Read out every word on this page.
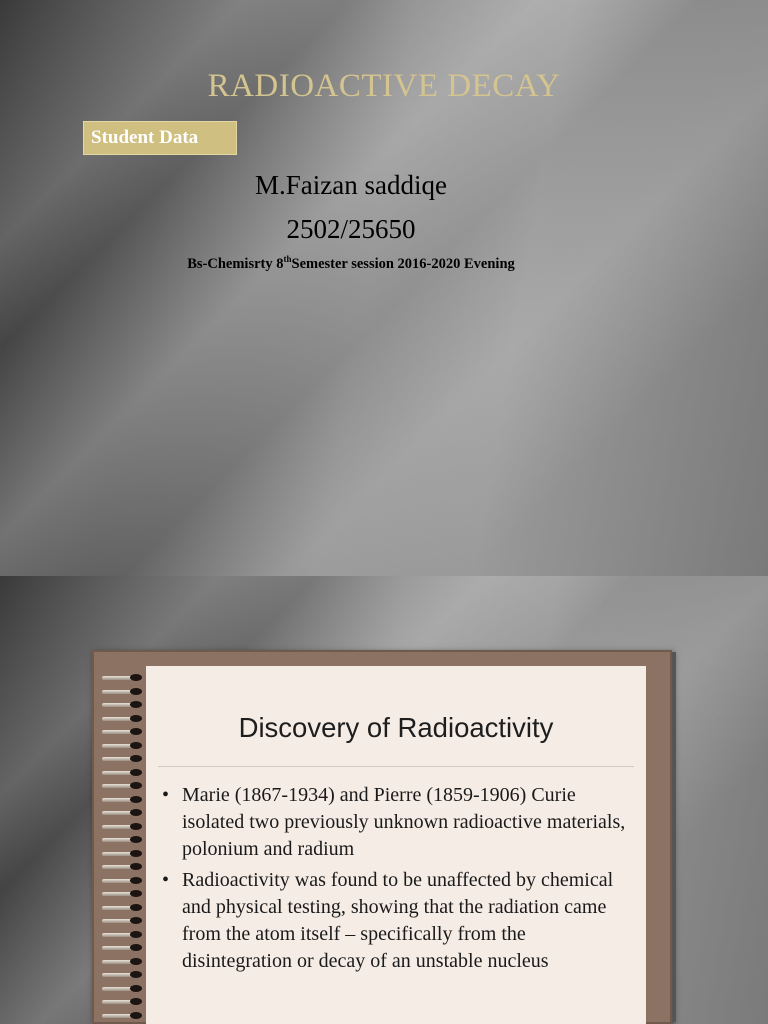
RADIOACTIVE DECAY
Student Data
M.Faizan saddiqe
2502/25650
Bs-Chemisrty 8thSemester session 2016-2020 Evening
Discovery of Radioactivity
• Marie (1867-1934) and Pierre (1859-1906) Curie isolated two previously unknown radioactive materials, polonium and radium
• Radioactivity was found to be unaffected by chemical and physical testing, showing that the radiation came from the atom itself – specifically from the disintegration or decay of an unstable nucleus
